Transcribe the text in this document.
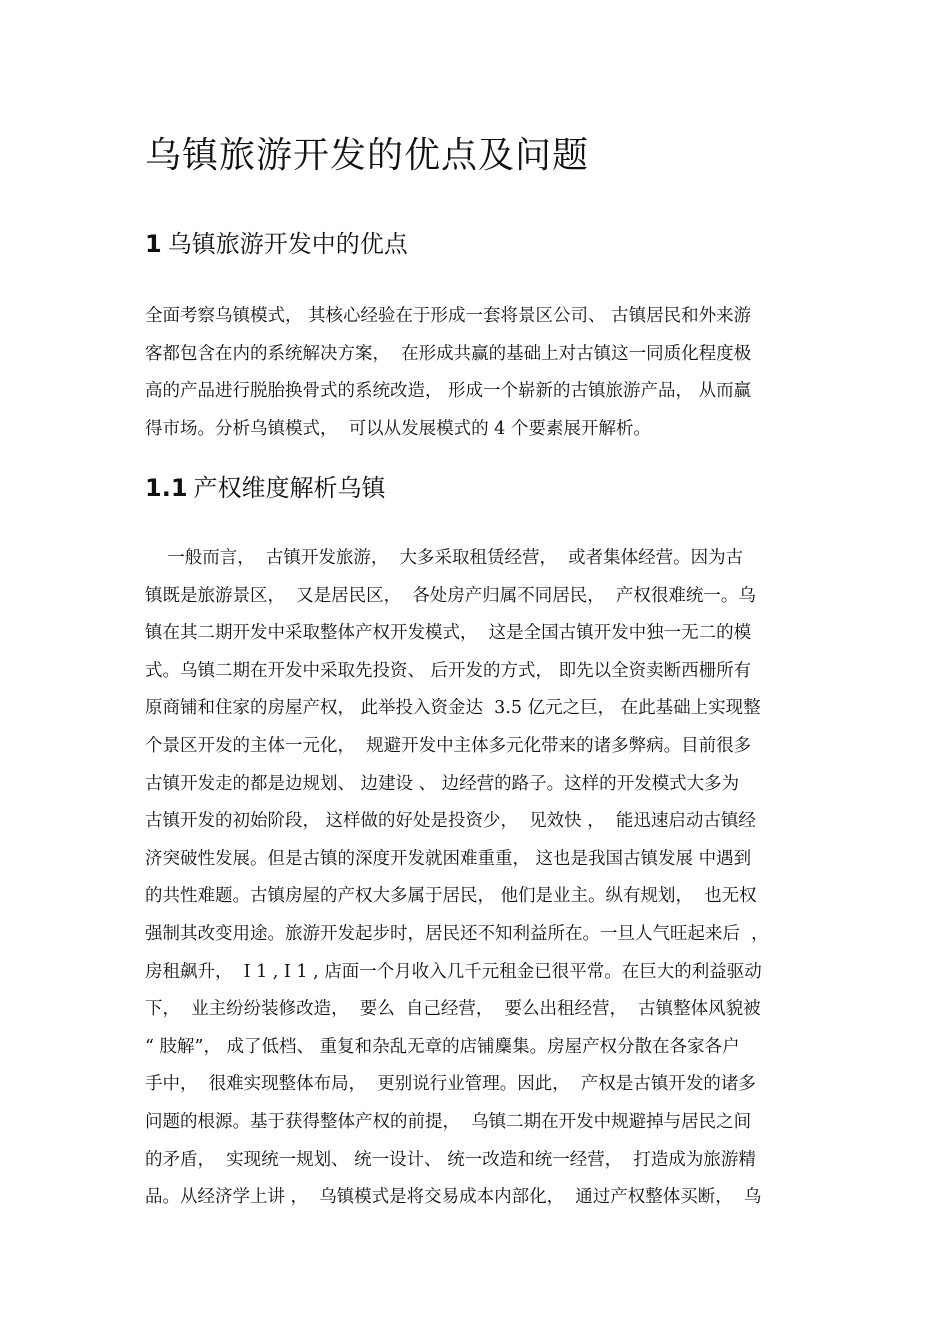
乌镇旅游开发的优点及问题
1 乌镇旅游开发中的优点
全面考察乌镇模式， 其核心经验在于形成一套将景区公司、 古镇居民和外来游
客都包含在内的系统解决方案，  在形成共赢的基础上对古镇这一同质化程度极
高的产品进行脱胎换骨式的系统改造， 形成一个崭新的古镇旅游产品， 从而赢
得市场。分析乌镇模式，  可以从发展模式的 4 个要素展开解析。
1.1 产权维度解析乌镇
一般而言，  古镇开发旅游，  大多采取租赁经营，  或者集体经营。因为古
镇既是旅游景区，  又是居民区，  各处房产归属不同居民，  产权很难统一。乌
镇在其二期开发中采取整体产权开发模式，  这是全国古镇开发中独一无二的模
式。乌镇二期在开发中采取先投资、 后开发的方式， 即先以全资卖断西栅所有
原商铺和住家的房屋产权， 此举投入资金达  3.5 亿元之巨， 在此基础上实现整
个景区开发的主体一元化，  规避开发中主体多元化带来的诸多弊病。目前很多
古镇开发走的都是边规划、 边建设 、 边经营的路子。这样的开发模式大多为
古镇开发的初始阶段， 这样做的好处是投资少，  见效快 ，  能迅速启动古镇经
济突破性发展。但是古镇的深度开发就困难重重， 这也是我国古镇发展 中遇到
的共性难题。古镇房屋的产权大多属于居民， 他们是业主。纵有规划，  也无权
强制其改变用途。旅游开发起步时，居民还不知利益所在。一旦人气旺起来后  ，
房租飙升，  I 1 , I 1 , 店面一个月收入几千元租金已很平常。在巨大的利益驱动
下，  业主纷纷装修改造，  要么  自己经营，  要么出租经营，  古镇整体风貌被
“ 肢解”， 成了低档、 重复和杂乱无章的店铺麇集。房屋产权分散在各家各户
手中，  很难实现整体布局，  更别说行业管理。因此，  产权是古镇开发的诸多
问题的根源。基于获得整体产权的前提，  乌镇二期在开发中规避掉与居民之间
的矛盾，  实现统一规划、 统一设计、 统一改造和统一经营，  打造成为旅游精
品。从经济学上讲 ，  乌镇模式是将交易成本内部化，  通过产权整体买断，  乌
